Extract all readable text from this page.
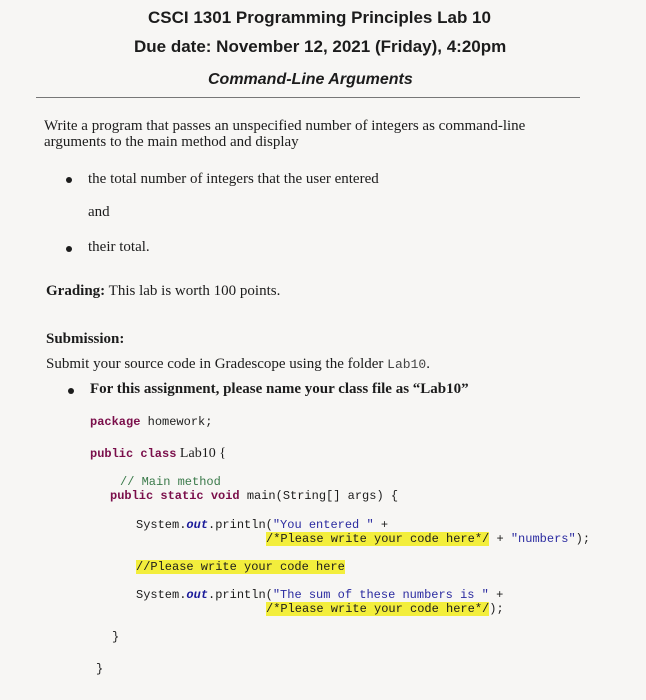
CSCI 1301 Programming Principles Lab 10
Due date: November 12, 2021 (Friday), 4:20pm
Command-Line Arguments
Write a program that passes an unspecified number of integers as command-line
arguments to the main method and display
the total number of integers that the user entered
and
their total.
Grading: This lab is worth 100 points.
Submission:
Submit your source code in Gradescope using the folder Lab10.
For this assignment, please name your class file as “Lab10”
package homework;
public class Lab10 {
// Main method
public static void main(String[] args) {
System.out.println("You entered " +
/*Please write your code here*/ + "numbers");
//Please write your code here
System.out.println("The sum of these numbers is " +
/*Please write your code here*/);
}
}
